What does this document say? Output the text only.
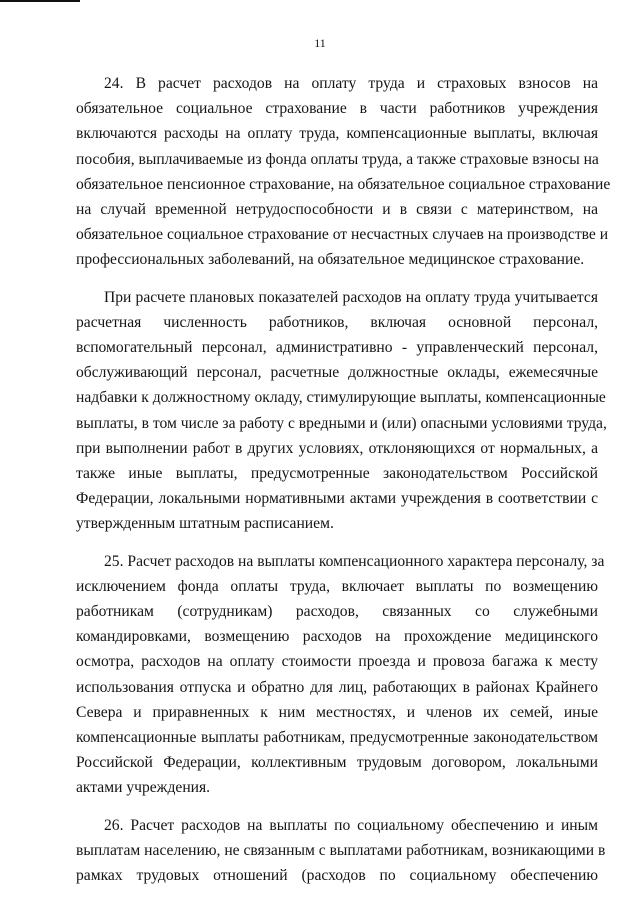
11
24. В расчет расходов на оплату труда и страховых взносов на
обязательное социальное страхование в части работников учреждения
включаются расходы на оплату труда, компенсационные выплаты, включая
пособия, выплачиваемые из фонда оплаты труда, а также страховые взносы на
обязательное пенсионное страхование, на обязательное социальное страхование
на случай временной нетрудоспособности и в связи с материнством, на
обязательное социальное страхование от несчастных случаев на производстве и
профессиональных заболеваний, на обязательное медицинское страхование.
При расчете плановых показателей расходов на оплату труда учитывается
расчетная численность работников, включая основной персонал,
вспомогательный персонал, административно - управленческий персонал,
обслуживающий персонал, расчетные должностные оклады, ежемесячные
надбавки к должностному окладу, стимулирующие выплаты, компенсационные
выплаты, в том числе за работу с вредными и (или) опасными условиями труда,
при выполнении работ в других условиях, отклоняющихся от нормальных, а
также иные выплаты, предусмотренные законодательством Российской
Федерации, локальными нормативными актами учреждения в соответствии с
утвержденным штатным расписанием.
25. Расчет расходов на выплаты компенсационного характера персоналу, за
исключением фонда оплаты труда, включает выплаты по возмещению
работникам (сотрудникам) расходов, связанных со служебными
командировками, возмещению расходов на прохождение медицинского
осмотра, расходов на оплату стоимости проезда и провоза багажа к месту
использования отпуска и обратно для лиц, работающих в районах Крайнего
Севера и приравненных к ним местностях, и членов их семей, иные
компенсационные выплаты работникам, предусмотренные законодательством
Российской Федерации, коллективным трудовым договором, локальными
актами учреждения.
26. Расчет расходов на выплаты по социальному обеспечению и иным
выплатам населению, не связанным с выплатами работникам, возникающими в
рамках трудовых отношений (расходов по социальному обеспечению
